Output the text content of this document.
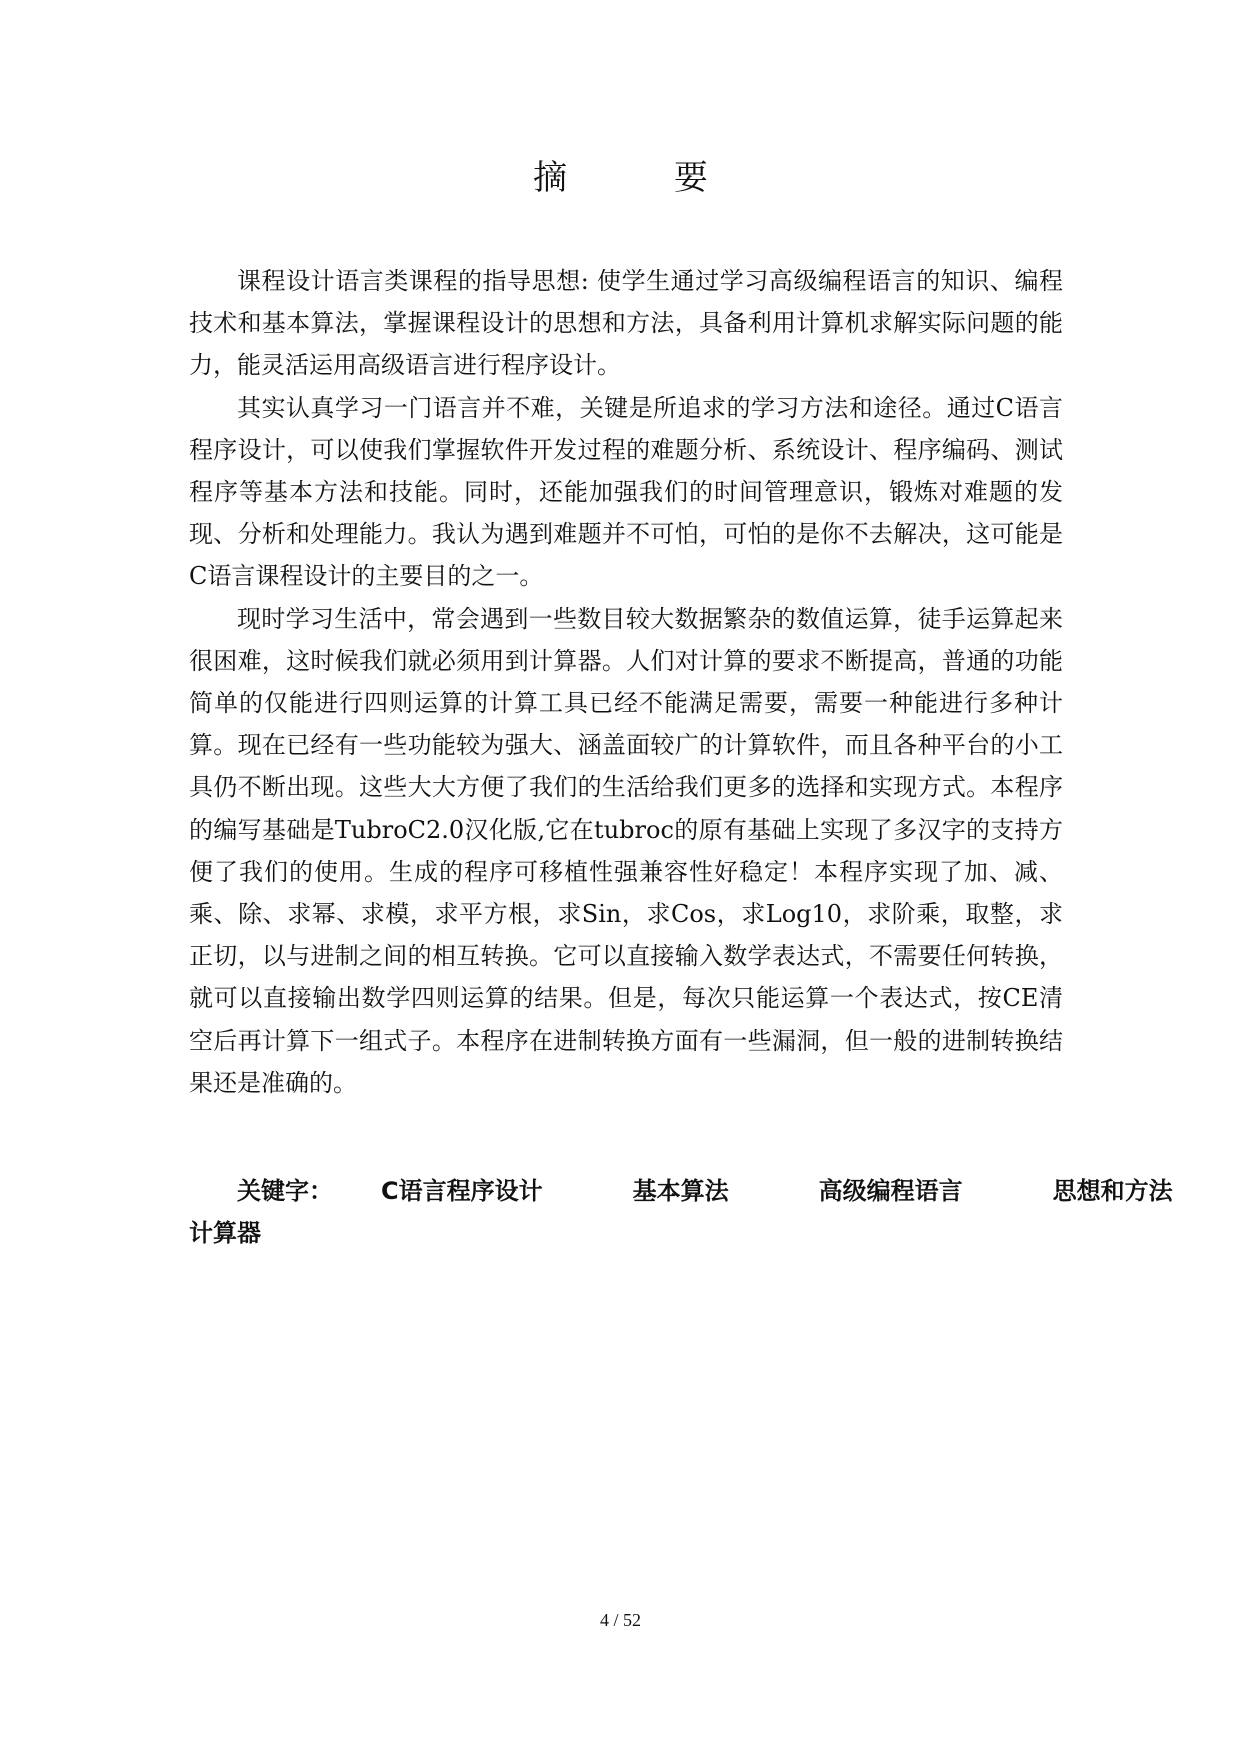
摘 要

课程设计语言类课程的指导思想: 使学生通过学习高级编程语言的知识、编程技术和基本算法，掌握课程设计的思想和方法，具备利用计算机求解实际问题的能力，能灵活运用高级语言进行程序设计。

其实认真学习一门语言并不难，关键是所追求的学习方法和途径。通过C语言程序设计，可以使我们掌握软件开发过程的难题分析、系统设计、程序编码、测试程序等基本方法和技能。同时，还能加强我们的时间管理意识，锻炼对难题的发现、分析和处理能力。我认为遇到难题并不可怕，可怕的是你不去解决，这可能是C语言课程设计的主要目的之一。

现时学习生活中，常会遇到一些数目较大数据繁杂的数值运算，徒手运算起来很困难，这时候我们就必须用到计算器。人们对计算的要求不断提高，普通的功能简单的仅能进行四则运算的计算工具已经不能满足需要，需要一种能进行多种计算。现在已经有一些功能较为强大、涵盖面较广的计算软件，而且各种平台的小工具仍不断出现。这些大大方便了我们的生活给我们更多的选择和实现方式。本程序的编写基础是TubroC2.0汉化版,它在tubroc的原有基础上实现了多汉字的支持方便了我们的使用。生成的程序可移植性强兼容性好稳定！本程序实现了加、减、乘、除、求幂、求模，求平方根，求Sin，求Cos，求Log10，求阶乘，取整，求正切，以与进制之间的相互转换。它可以直接输入数学表达式，不需要任何转换，就可以直接输出数学四则运算的结果。但是，每次只能运算一个表达式，按CE清空后再计算下一组式子。本程序在进制转换方面有一些漏洞，但一般的进制转换结果还是准确的。

关键字： C语言程序设计	基本算法	高级编程语言	思想和方法
计算器
4 / 52
